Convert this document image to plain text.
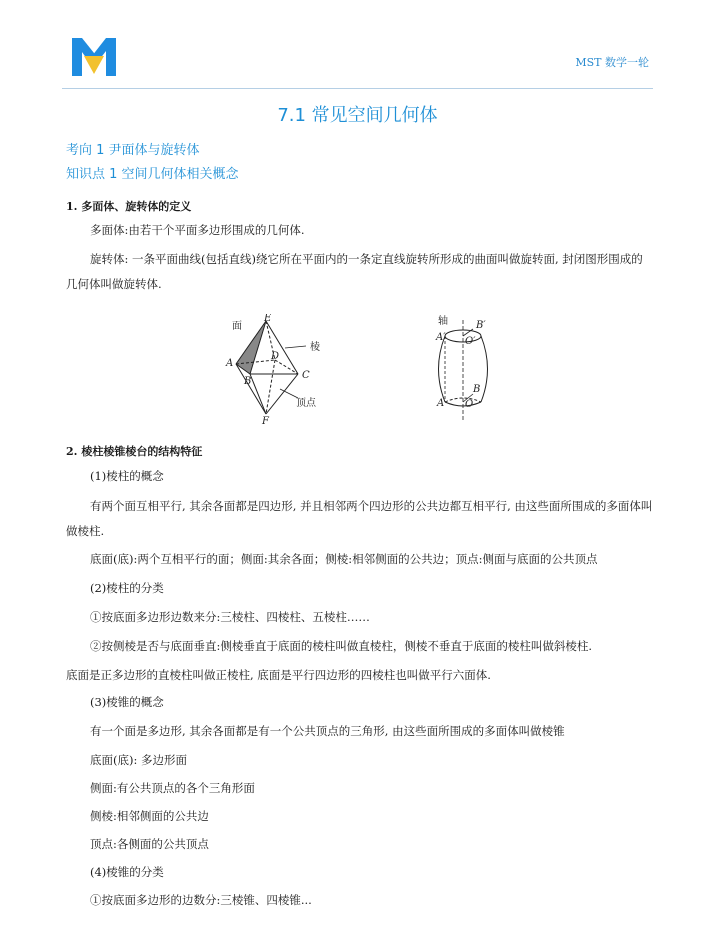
MST 数学一轮
7.1 常见空间几何体
考向 1 尹面体与旋转体
知识点 1 空间几何体相关概念
1. 多面体、旋转体的定义
多面体:由若干个平面多边形围成的几何体.
旋转体: 一条平面曲线(包括直线)绕它所在平面内的一条定直线旋转所形成的曲面叫做旋转面, 封闭图形围成的几何体叫做旋转体.
面
棱
顶点
E
A
B
C
D
F
轴
A′ O′
B′
A O
B
2. 棱柱棱锥棱台的结构特征
(1)棱柱的概念
有两个面互相平行, 其余各面都是四边形, 并且相邻两个四边形的公共边都互相平行, 由这些面所围成的多面体叫做棱柱.
底面(底):两个互相平行的面；侧面:其余各面；侧棱:相邻侧面的公共边；顶点:侧面与底面的公共顶点
(2)棱柱的分类
①按底面多边形边数来分:三棱柱、四棱柱、五棱柱……
②按侧棱是否与底面垂直:侧棱垂直于底面的棱柱叫做直棱柱，侧棱不垂直于底面的棱柱叫做斜棱柱.
底面是正多边形的直棱柱叫做正棱柱, 底面是平行四边形的四棱柱也叫做平行六面体.
(3)棱锥的概念
有一个面是多边形, 其余各面都是有一个公共顶点的三角形, 由这些面所围成的多面体叫做棱锥
底面(底): 多边形面
侧面:有公共顶点的各个三角形面
侧棱:相邻侧面的公共边
顶点:各侧面的公共顶点
(4)棱锥的分类
①按底面多边形的边数分:三棱锥、四棱锥...
